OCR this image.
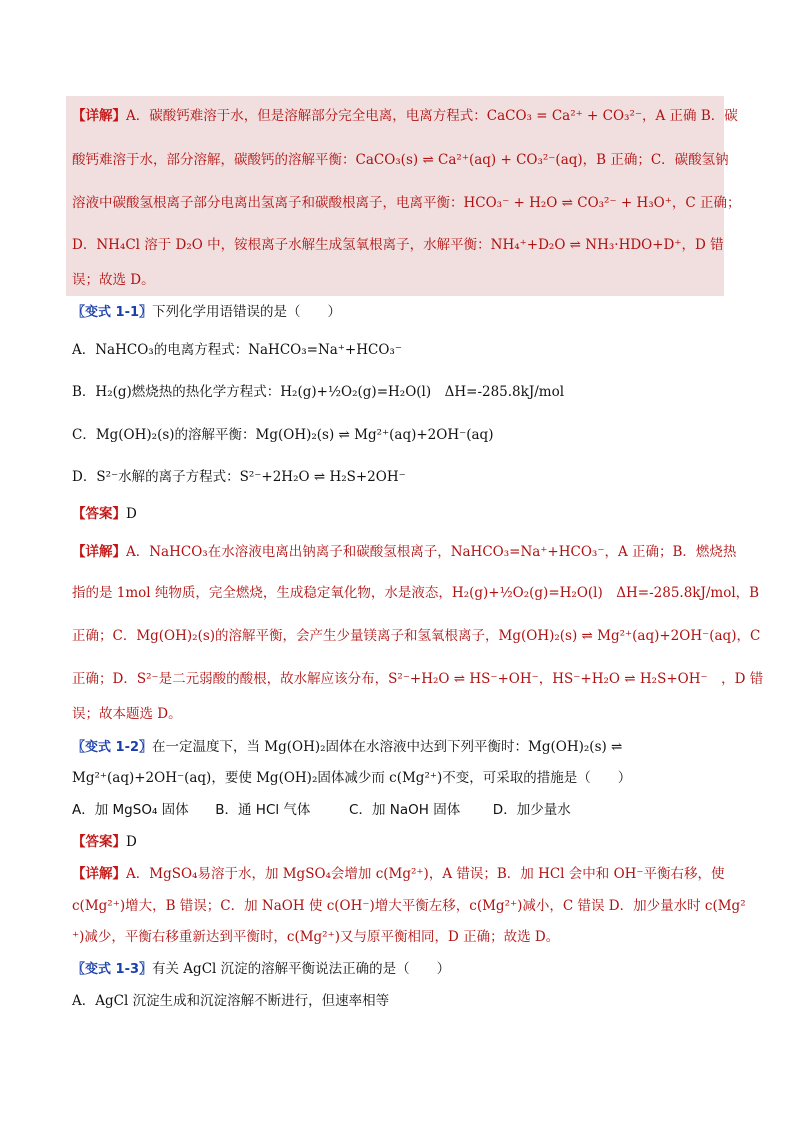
【详解】A．碳酸钙难溶于水，但是溶解部分完全电离，电离方程式：CaCO₃ = Ca²⁺ + CO₃²⁻，A 正确 B．碳
酸钙难溶于水，部分溶解，碳酸钙的溶解平衡：CaCO₃(s) ⇌ Ca²⁺(aq) + CO₃²⁻(aq)，B 正确；C．碳酸氢钠
溶液中碳酸氢根离子部分电离出氢离子和碳酸根离子，电离平衡：HCO₃⁻ + H₂O ⇌ CO₃²⁻ + H₃O⁺，C 正确；
D．NH₄Cl 溶于 D₂O 中，铵根离子水解生成氢氧根离子，水解平衡：NH₄⁺+D₂O ⇌ NH₃·HDO+D⁺，D 错
误；故选 D。
〖变式 1-1〗下列化学用语错误的是（　　）
A．NaHCO₃的电离方程式：NaHCO₃=Na⁺+HCO₃⁻
B．H₂(g)燃烧热的热化学方程式：H₂(g)+½O₂(g)=H₂O(l)　ΔH=-285.8kJ/mol
C．Mg(OH)₂(s)的溶解平衡：Mg(OH)₂(s) ⇌ Mg²⁺(aq)+2OH⁻(aq)
D．S²⁻水解的离子方程式：S²⁻+2H₂O ⇌ H₂S+2OH⁻
【答案】D
【详解】A．NaHCO₃在水溶液电离出钠离子和碳酸氢根离子，NaHCO₃=Na⁺+HCO₃⁻，A 正确；B．燃烧热
指的是 1mol 纯物质，完全燃烧，生成稳定氧化物，水是液态，H₂(g)+½O₂(g)=H₂O(l)　ΔH=-285.8kJ/mol，B
正确；C．Mg(OH)₂(s)的溶解平衡，会产生少量镁离子和氢氧根离子，Mg(OH)₂(s) ⇌ Mg²⁺(aq)+2OH⁻(aq)，C
正确；D．S²⁻是二元弱酸的酸根，故水解应该分布，S²⁻+H₂O ⇌ HS⁻+OH⁻，HS⁻+H₂O ⇌ H₂S+OH⁻　，D 错
误；故本题选 D。
〖变式 1-2〗在一定温度下，当 Mg(OH)₂固体在水溶液中达到下列平衡时：Mg(OH)₂(s) ⇌
Mg²⁺(aq)+2OH⁻(aq)，要使 Mg(OH)₂固体减少而 c(Mg²⁺)不变，可采取的措施是（　　）
A．加 MgSO₄ 固体 B．通 HCl 气体	C．加 NaOH 固体 D．加少量水
【答案】D
【详解】A．MgSO₄易溶于水，加 MgSO₄会增加 c(Mg²⁺)，A 错误；B．加 HCl 会中和 OH⁻平衡右移，使
c(Mg²⁺)增大，B 错误；C．加 NaOH 使 c(OH⁻)增大平衡左移，c(Mg²⁺)减小，C 错误 D．加少量水时 c(Mg²
⁺)减少，平衡右移重新达到平衡时，c(Mg²⁺)又与原平衡相同，D 正确；故选 D。
〖变式 1-3〗有关 AgCl 沉淀的溶解平衡说法正确的是（　　）
A．AgCl 沉淀生成和沉淀溶解不断进行，但速率相等
